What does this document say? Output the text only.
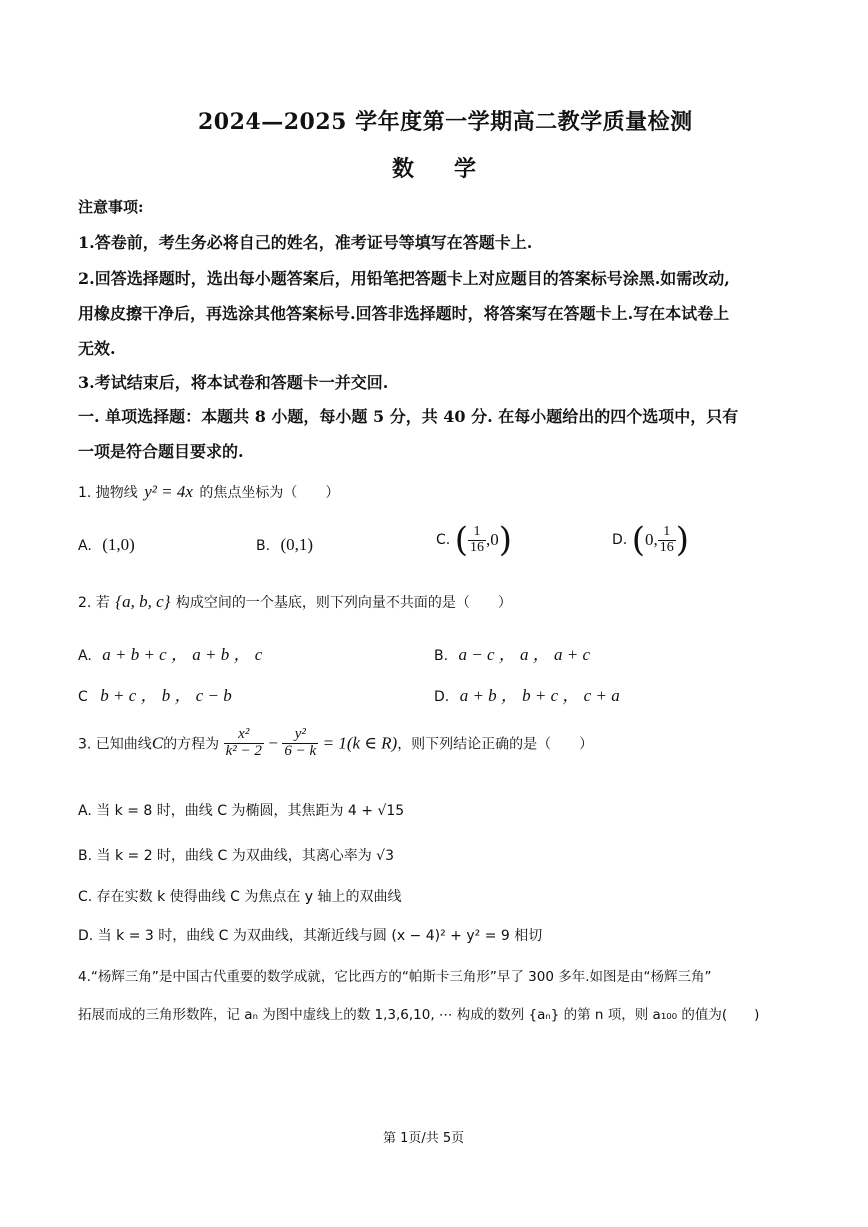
2024—2025 学年度第一学期高二教学质量检测
数学
注意事项:
1.答卷前，考生务必将自己的姓名，准考证号等填写在答题卡上.
2.回答选择题时，选出每小题答案后，用铅笔把答题卡上对应题目的答案标号涂黑.如需改动,
用橡皮擦干净后，再选涂其他答案标号.回答非选择题时，将答案写在答题卡上.写在本试卷上
无效.
3.考试结束后，将本试卷和答题卡一并交回.
一. 单项选择题：本题共 8 小题，每小题 5 分，共 40 分. 在每小题给出的四个选项中，只有
一项是符合题目要求的.
1. 抛物线 y² = 4x 的焦点坐标为（　　）
A. (1,0)	B. (0,1)	C. ( $\frac{1}{16} ,0$)	D. (0, $\frac{1}{16}$ )
2. 若 {a, b, c} 构成空间的一个基底，则下列向量不共面的是（　　）
A. a + b + c ， a + b ， c	B. a − c ， a ， a + c
C b + c ， b ， c − b	D. a + b ， b + c ， c + a
3. 已知曲线C的方程为 $\frac{\text{x²}}{\text{k² − 2}} - \frac{\text{y²}}{6 - k} = 1(k$ ∈ R)，则下列结论正确的是（　　）
A. 当 k = 8 时，曲线 C 为椭圆，其焦距为 4 + √15
B. 当 k = 2 时，曲线 C 为双曲线，其离心率为 √3
C. 存在实数 k 使得曲线 C 为焦点在 y 轴上的双曲线
D. 当 k = 3 时，曲线 C 为双曲线，其渐近线与圆 (x − 4)² + y² = 9 相切
4.“杨辉三角”是中国古代重要的数学成就，它比西方的“帕斯卡三角形”早了 300 多年.如图是由“杨辉三角”
拓展而成的三角形数阵，记 aₙ 为图中虚线上的数 1,3,6,10, ⋯ 构成的数列 {aₙ} 的第 n 项，则 a₁₀₀ 的值为(　　)
第 1页/共 5页
